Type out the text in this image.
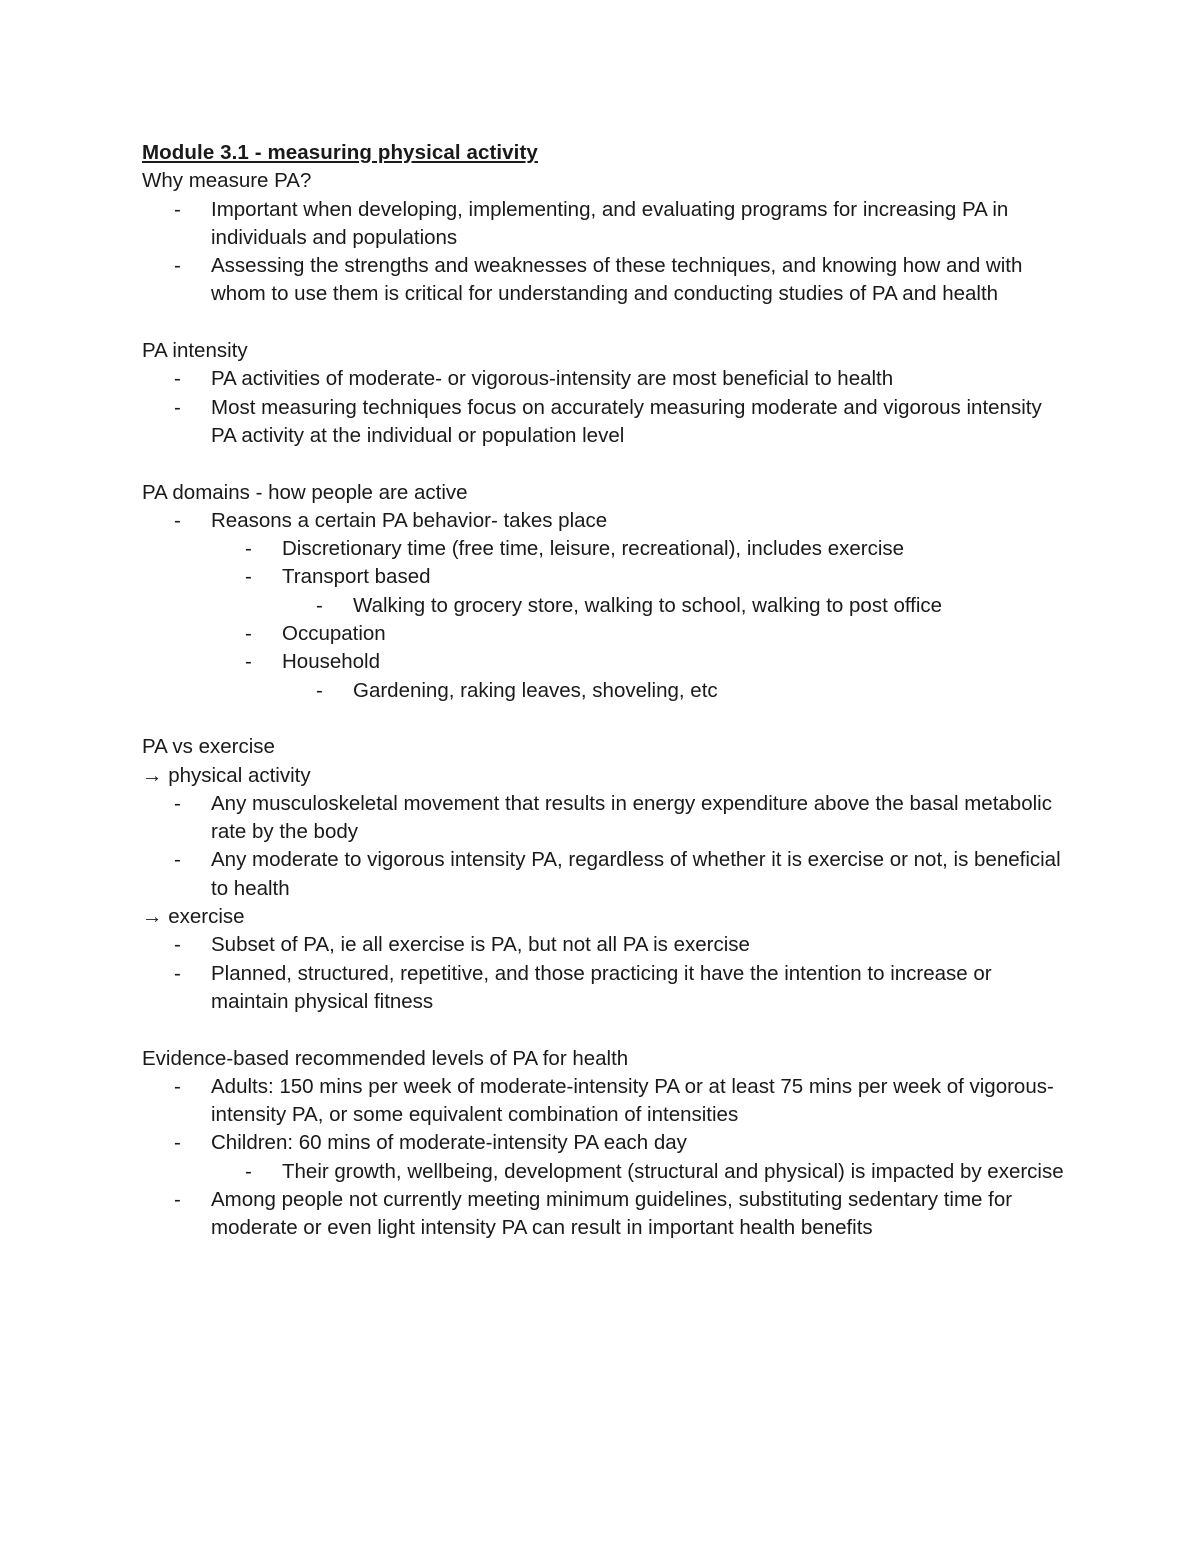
Module 3.1 - measuring physical activity
Why measure PA?
- Important when developing, implementing, and evaluating programs for increasing PA in individuals and populations
- Assessing the strengths and weaknesses of these techniques, and knowing how and with whom to use them is critical for understanding and conducting studies of PA and health
PA intensity
- PA activities of moderate- or vigorous-intensity are most beneficial to health
- Most measuring techniques focus on accurately measuring moderate and vigorous intensity PA activity at the individual or population level
PA domains - how people are active
- Reasons a certain PA behavior- takes place
- Discretionary time (free time, leisure, recreational), includes exercise
- Transport based
- Walking to grocery store, walking to school, walking to post office
- Occupation
- Household
- Gardening, raking leaves, shoveling, etc
PA vs exercise
→ physical activity
- Any musculoskeletal movement that results in energy expenditure above the basal metabolic rate by the body
- Any moderate to vigorous intensity PA, regardless of whether it is exercise or not, is beneficial to health
→ exercise
- Subset of PA, ie all exercise is PA, but not all PA is exercise
- Planned, structured, repetitive, and those practicing it have the intention to increase or maintain physical fitness
Evidence-based recommended levels of PA for health
- Adults: 150 mins per week of moderate-intensity PA or at least 75 mins per week of vigorous-intensity PA, or some equivalent combination of intensities
- Children: 60 mins of moderate-intensity PA each day
- Their growth, wellbeing, development (structural and physical) is impacted by exercise
- Among people not currently meeting minimum guidelines, substituting sedentary time for moderate or even light intensity PA can result in important health benefits
